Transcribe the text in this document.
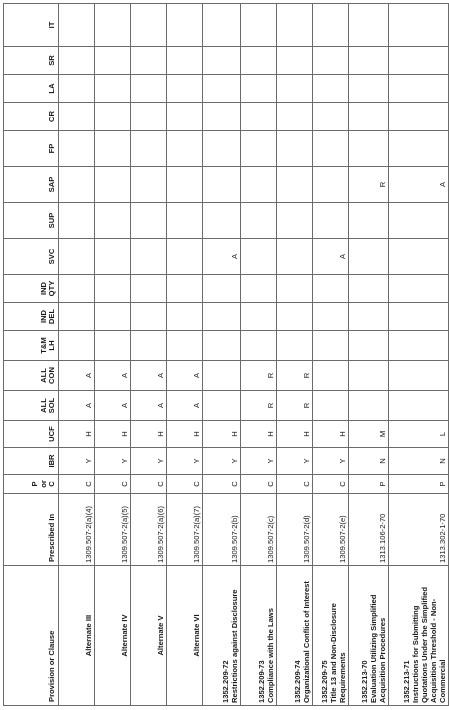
Provision or Clause	Prescribed In	P or C	IBR	UCF	ALL SOL	ALL CON	T&M LH	IND DEL	IND QTY	SVC	SUP	SAP	FP	CR	LA	SR	IT
Alternate III	1309.507-2(a)(4)	C	Y	H	A	A											
Alternate IV	1309.507-2(a)(5)	C	Y	H	A	A											
Alternate V	1309.507-2(a)(6)	C	Y	H	A	A											
Alternate VI	1309.507-2(a)(7)	C	Y	H	A	A											

1352.209-72 Restrictions against Disclosure	1309.507-2(b)	C	Y	H						A							

1352.209-73 Compliance with the Laws	1309.507-2(c)	C	Y	H	R	R											

1352.209-74 Organizational Conflict of Interest	1309.507-2(d)	C	Y	H	R	R											

1352.209-75 Title 13 and Non-Disclosure Requirements	1309.507-2(e)	C	Y	H						A							

1352.213-70 Evaluation Utilizing Simplified Acquisition Procedures	1313.106-2-70	P	N	M								R					

1352.213-71 Instructions for Submitting Quotations Under the Simplified Acquisition Threshold - Non-Commercial	1313.302-1-70	P	N	L								A					
